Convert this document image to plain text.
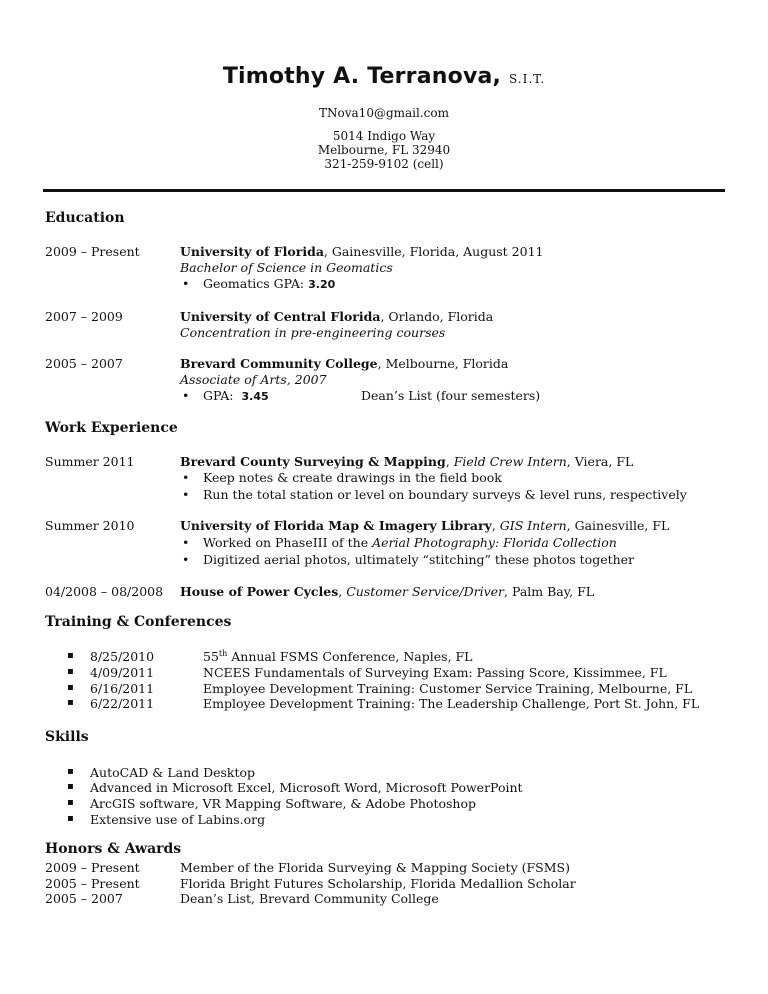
Timothy A. Terranova, S.I.T.
TNova10@gmail.com
5014 Indigo Way
Melbourne, FL 32940
321-259-9102 (cell)
Education
2009 – Present	University of Florida, Gainesville, Florida, August 2011
Bachelor of Science in Geomatics
• Geomatics GPA: 3.20
2007 – 2009	University of Central Florida, Orlando, Florida
Concentration in pre-engineering courses
2005 – 2007	Brevard Community College, Melbourne, Florida
Associate of Arts, 2007
• GPA: 3.45	Dean’s List (four semesters)
Work Experience
Summer 2011	Brevard County Surveying & Mapping, Field Crew Intern, Viera, FL
• Keep notes & create drawings in the field book
• Run the total station or level on boundary surveys & level runs, respectively
Summer 2010	University of Florida Map & Imagery Library, GIS Intern, Gainesville, FL
• Worked on PhaseIII of the Aerial Photography: Florida Collection
• Digitized aerial photos, ultimately “stitching” these photos together
04/2008 – 08/2008 House of Power Cycles, Customer Service/Driver, Palm Bay, FL
Training & Conferences
▪ 8/25/2010	55th Annual FSMS Conference, Naples, FL
▪ 4/09/2011	NCEES Fundamentals of Surveying Exam: Passing Score, Kissimmee, FL
▪ 6/16/2011	Employee Development Training: Customer Service Training, Melbourne, FL
▪ 6/22/2011	Employee Development Training: The Leadership Challenge, Port St. John, FL
Skills
▪ AutoCAD & Land Desktop
▪ Advanced in Microsoft Excel, Microsoft Word, Microsoft PowerPoint
▪ ArcGIS software, VR Mapping Software, & Adobe Photoshop
▪ Extensive use of Labins.org
Honors & Awards
2009 – Present	Member of the Florida Surveying & Mapping Society (FSMS)
2005 – Present	Florida Bright Futures Scholarship, Florida Medallion Scholar
2005 – 2007	Dean’s List, Brevard Community College
